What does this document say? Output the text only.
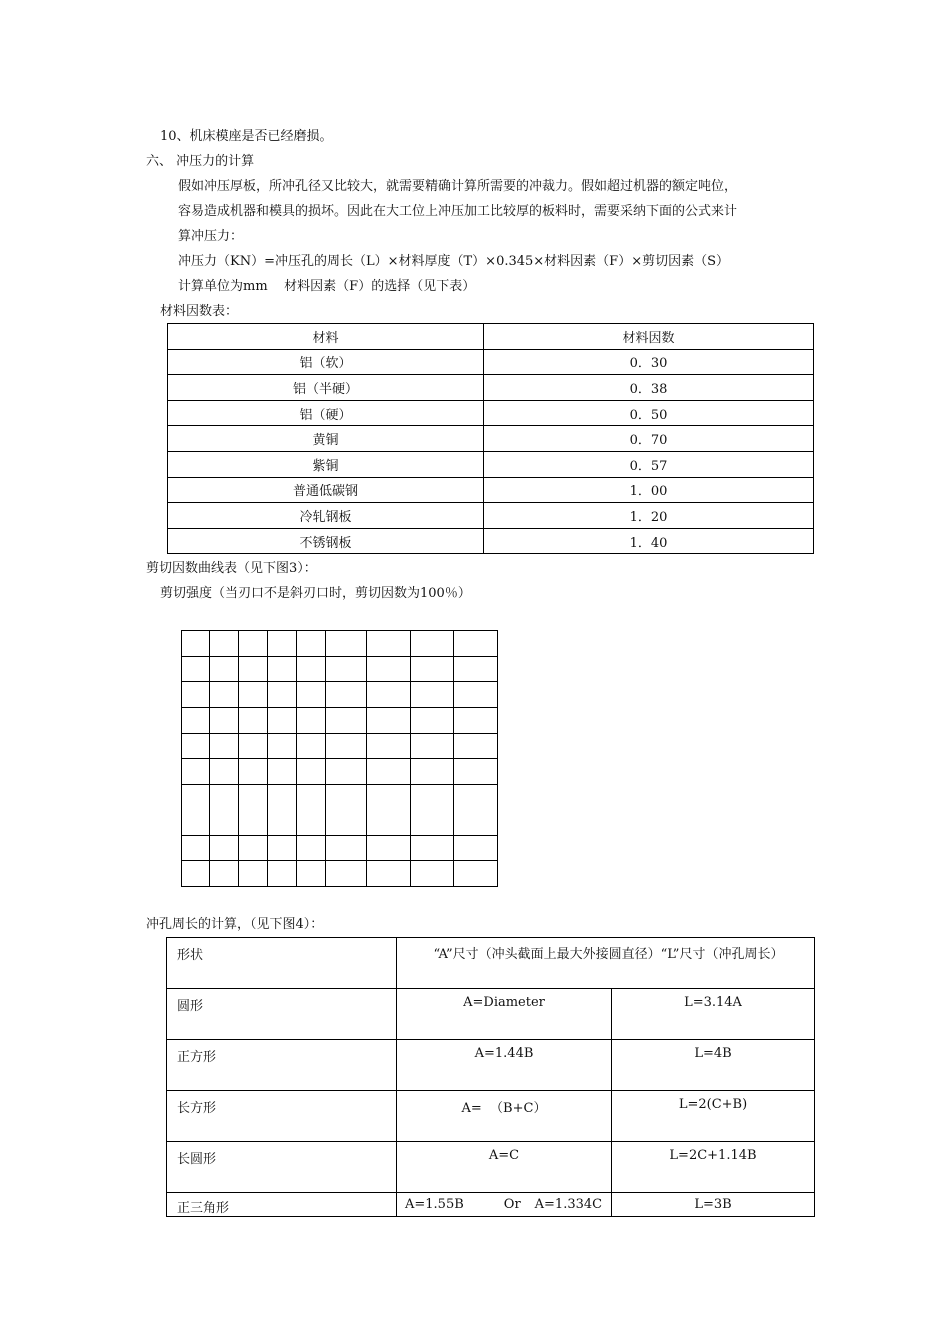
10、机床模座是否已经磨损。
六、 冲压力的计算
假如冲压厚板，所冲孔径又比较大，就需要精确计算所需要的冲裁力。假如超过机器的额定吨位，
容易造成机器和模具的损坏。因此在大工位上冲压加工比较厚的板料时，需要采纳下面的公式来计
算冲压力：
冲压力（KN）=冲压孔的周长（L）×材料厚度（T）×0.345×材料因素（F）×剪切因素（S）
计算单位为mm    材料因素（F）的选择（见下表）
材料因数表：
材料	材料因数
铝（软）	0．30
铝（半硬）	0．38
铝（硬）	0．50
黄铜	0．70
紫铜	0．57
普通低碳钢	1．00
冷轧钢板	1．20
不锈钢板	1．40
剪切因数曲线表（见下图3）：
剪切强度（当刃口不是斜刃口时，剪切因数为100％）

冲孔周长的计算，（见下图4）：
形状	“A”尺寸（冲头截面上最大外接圆直径）“L”尺寸（冲孔周长）	
圆形	A=Diameter	L=3.14A
正方形	A=1.44B	L=4B
长方形	A=  （B+C）	L=2(C+B)
长圆形	A=C	L=2C+1.14B
正三角形	A=1.55B Or A=1.334C	L=3B
